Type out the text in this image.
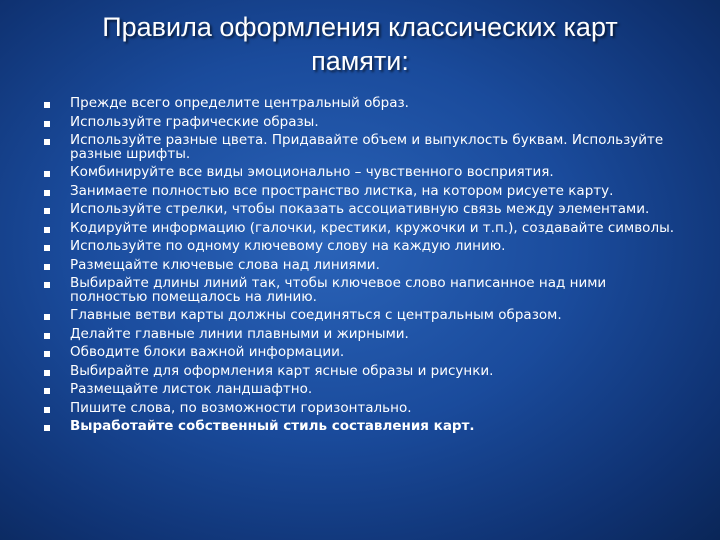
Правила оформления классических карт
памяти:
Прежде всего определите центральный образ.
Используйте графические образы.
Используйте разные цвета. Придавайте объем и выпуклость буквам. Используйте разные шрифты.
Комбинируйте все виды эмоционально – чувственного восприятия.
Занимаете полностью все пространство листка, на котором рисуете карту.
Используйте стрелки, чтобы показать ассоциативную связь между элементами.
Кодируйте информацию (галочки, крестики, кружочки и т.п.), создавайте символы.
Используйте по одному ключевому слову на каждую линию.
Размещайте ключевые слова над линиями.
Выбирайте длины линий так, чтобы ключевое слово написанное над ними полностью помещалось на линию.
Главные ветви карты должны соединяться с центральным образом.
Делайте главные линии плавными и жирными.
Обводите блоки важной информации.
Выбирайте для оформления карт ясные образы и рисунки.
Размещайте листок ландшафтно.
Пишите слова, по возможности горизонтально.
Выработайте собственный стиль составления карт.
